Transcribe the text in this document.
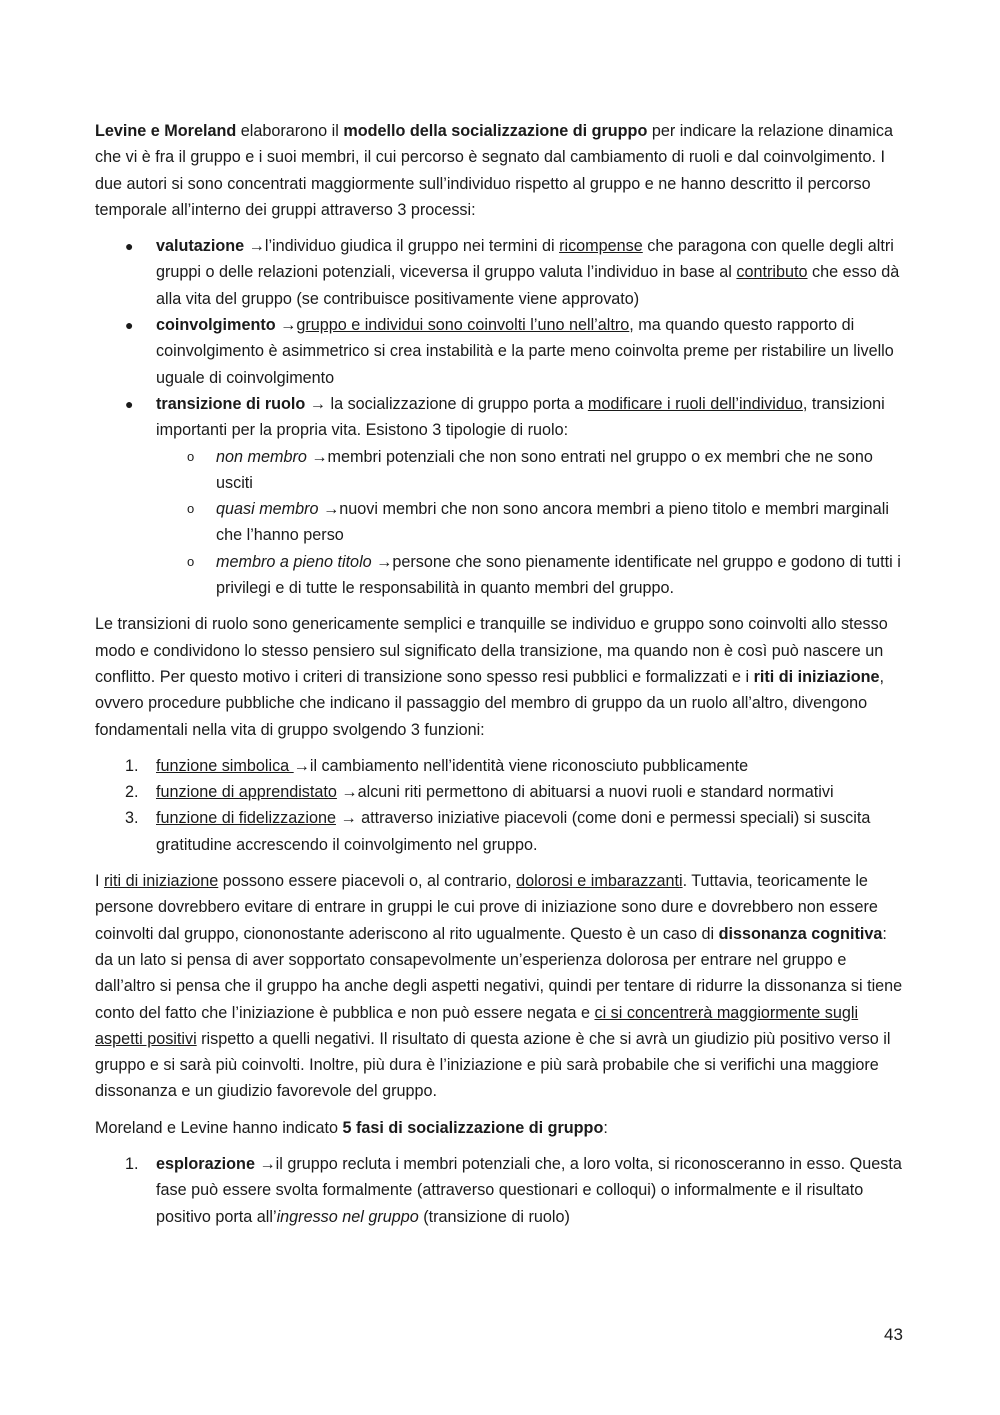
Levine e Moreland elaborarono il modello della socializzazione di gruppo per indicare la relazione dinamica che vi è fra il gruppo e i suoi membri, il cui percorso è segnato dal cambiamento di ruoli e dal coinvolgimento. I due autori si sono concentrati maggiormente sull’individuo rispetto al gruppo e ne hanno descritto il percorso temporale all’interno dei gruppi attraverso 3 processi:

● valutazione →l’individuo giudica il gruppo nei termini di ricompense che paragona con quelle degli altri gruppi o delle relazioni potenziali, viceversa il gruppo valuta l’individuo in base al contributo che esso dà alla vita del gruppo (se contribuisce positivamente viene approvato)
● coinvolgimento →gruppo e individui sono coinvolti l’uno nell’altro, ma quando questo rapporto di coinvolgimento è asimmetrico si crea instabilità e la parte meno coinvolta preme per ristabilire un livello uguale di coinvolgimento
● transizione di ruolo → la socializzazione di gruppo porta a modificare i ruoli dell’individuo, transizioni importanti per la propria vita. Esistono 3 tipologie di ruolo:
o non membro →membri potenziali che non sono entrati nel gruppo o ex membri che ne sono usciti
o quasi membro →nuovi membri che non sono ancora membri a pieno titolo e membri marginali che l’hanno perso
o membro a pieno titolo →persone che sono pienamente identificate nel gruppo e godono di tutti i privilegi e di tutte le responsabilità in quanto membri del gruppo.

Le transizioni di ruolo sono genericamente semplici e tranquille se individuo e gruppo sono coinvolti allo stesso modo e condividono lo stesso pensiero sul significato della transizione, ma quando non è così può nascere un conflitto. Per questo motivo i criteri di transizione sono spesso resi pubblici e formalizzati e i riti di iniziazione, ovvero procedure pubbliche che indicano il passaggio del membro di gruppo da un ruolo all’altro, divengono fondamentali nella vita di gruppo svolgendo 3 funzioni:

1. funzione simbolica →il cambiamento nell’identità viene riconosciuto pubblicamente
2. funzione di apprendistato →alcuni riti permettono di abituarsi a nuovi ruoli e standard normativi
3. funzione di fidelizzazione → attraverso iniziative piacevoli (come doni e permessi speciali) si suscita gratitudine accrescendo il coinvolgimento nel gruppo.

I riti di iniziazione possono essere piacevoli o, al contrario, dolorosi e imbarazzanti. Tuttavia, teoricamente le persone dovrebbero evitare di entrare in gruppi le cui prove di iniziazione sono dure e dovrebbero non essere coinvolti dal gruppo, ciononostante aderiscono al rito ugualmente. Questo è un caso di dissonanza cognitiva: da un lato si pensa di aver sopportato consapevolmente un’esperienza dolorosa per entrare nel gruppo e dall’altro si pensa che il gruppo ha anche degli aspetti negativi, quindi per tentare di ridurre la dissonanza si tiene conto del fatto che l’iniziazione è pubblica e non può essere negata e ci si concentrerà maggiormente sugli aspetti positivi rispetto a quelli negativi. Il risultato di questa azione è che si avrà un giudizio più positivo verso il gruppo e si sarà più coinvolti. Inoltre, più dura è l’iniziazione e più sarà probabile che si verifichi una maggiore dissonanza e un giudizio favorevole del gruppo.

Moreland e Levine hanno indicato 5 fasi di socializzazione di gruppo:

1. esplorazione →il gruppo recluta i membri potenziali che, a loro volta, si riconosceranno in esso. Questa fase può essere svolta formalmente (attraverso questionari e colloqui) o informalmente e il risultato positivo porta all’ingresso nel gruppo (transizione di ruolo)
43
